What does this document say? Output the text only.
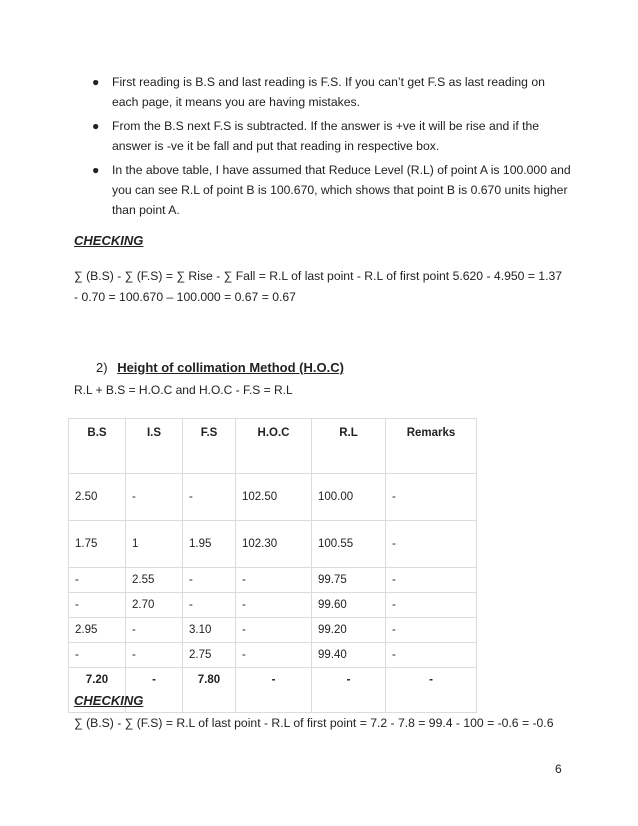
● First reading is B.S and last reading is F.S. If you can’t get F.S as last reading on each page, it means you are having mistakes.
● From the B.S next F.S is subtracted. If the answer is +ve it will be rise and if the answer is -ve it be fall and put that reading in respective box.
● In the above table, I have assumed that Reduce Level (R.L) of point A is 100.000 and you can see R.L of point B is 100.670, which shows that point B is 0.670 units higher than point A.
CHECKING
∑ (B.S) - ∑ (F.S) = ∑ Rise - ∑ Fall = R.L of last point - R.L of first point 5.620 - 4.950 = 1.37 - 0.70 = 100.670 – 100.000 = 0.67 = 0.67
2) Height of collimation Method (H.O.C)
R.L + B.S = H.O.C and H.O.C - F.S = R.L
B.S	I.S	F.S	H.O.C	R.L	Remarks
2.50	-	-	102.50	100.00	-
1.75	1	1.95	102.30	100.55	-
-	2.55	-	-	99.75	-
-	2.70	-	-	99.60	-
2.95	-	3.10	-	99.20	-
-	-	2.75	-	99.40	-
7.20	-	7.80	-	-	-
CHECKING
∑ (B.S) - ∑ (F.S) = R.L of last point - R.L of first point = 7.2 - 7.8 = 99.4 - 100 = -0.6 = -0.6
6
